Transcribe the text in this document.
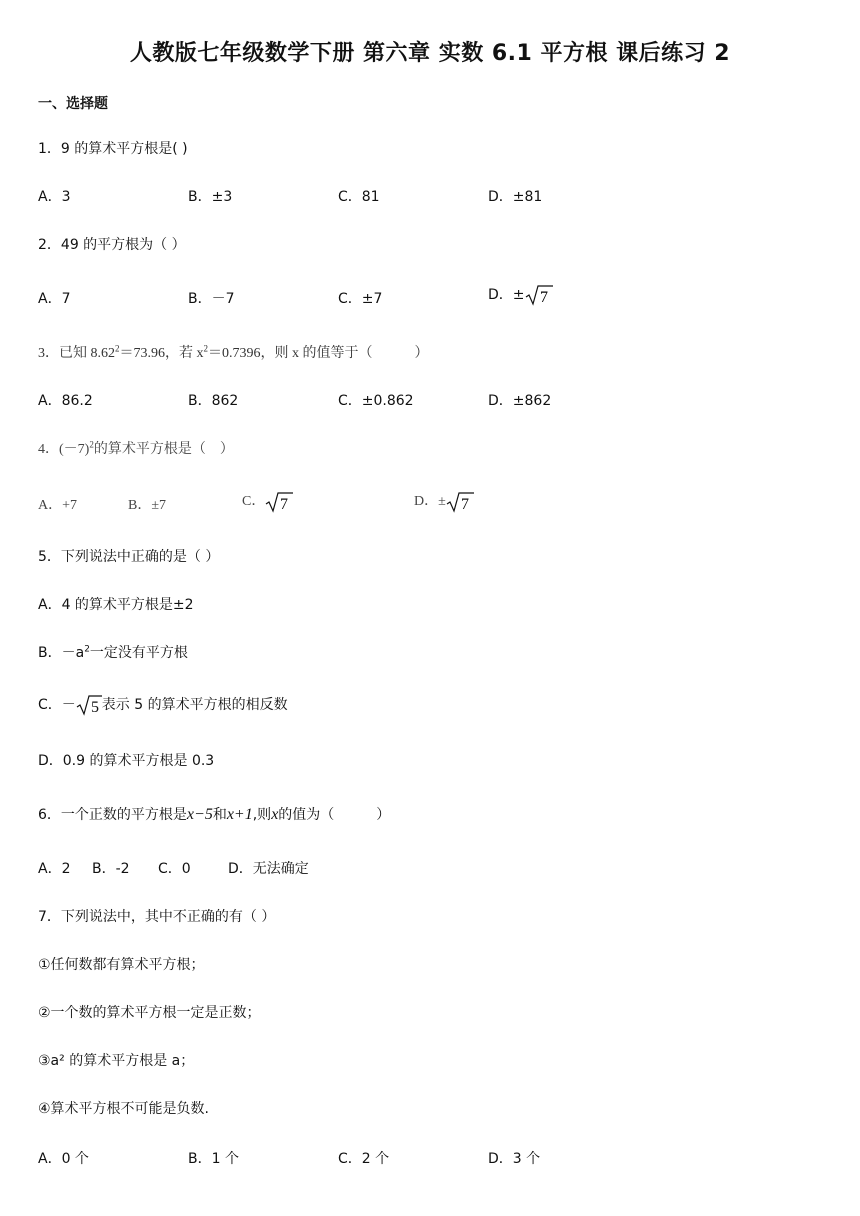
人教版七年级数学下册 第六章 实数 6.1 平方根 课后练习 2
一、选择题
1．9 的算术平方根是( )
A．3	B．±3	C．81	D．±81
2．49 的平方根为（ ）
A．7	B．－7	C．±7	D．± 7
3．已知 $8.62^2=73.96$，若 $x^2=0.7396$，则 x 的值等于（　　　）
A．86.2	B．862	C．±0.862	D．±862
4．$(-7)^2$的算术平方根是（　）
A．+7	B．±7	C． 7	D．± 7
5．下列说法中正确的是（ ）
A．4 的算术平方根是±2
B．$-a^2$一定没有平方根
C．－ 5 表示 5 的算术平方根的相反数
D．0.9 的算术平方根是 0.3
6．一个正数的平方根是x−5和x+1,则x的值为（　　　）
A．2 B．-2 C．0	D．无法确定
7．下列说法中，其中不正确的有（ ）
①任何数都有算术平方根；
②一个数的算术平方根一定是正数；
③a² 的算术平方根是 a；
④算术平方根不可能是负数.
A．0 个	B．1 个	C．2 个	D．3 个
